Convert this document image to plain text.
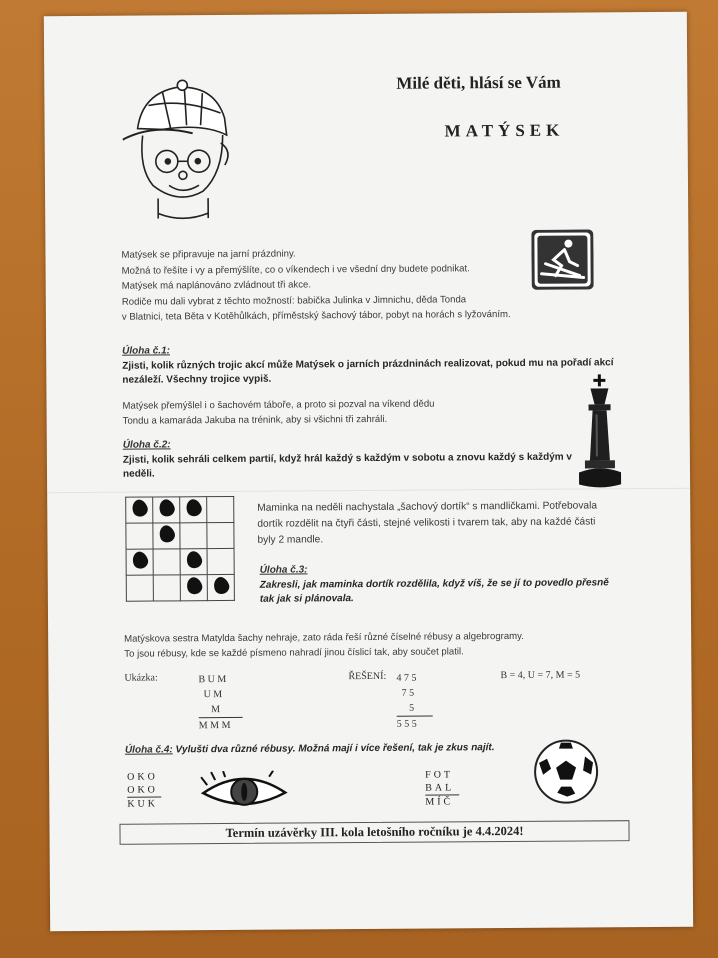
Milé děti, hlásí se Vám
MATÝSEK
Matýsek se připravuje na jarní prázdniny.
Možná to řešíte i vy a přemýšlíte, co o víkendech i ve všední dny budete podnikat.
Matýsek má naplánováno zvládnout tři akce.
Rodiče mu dali vybrat z těchto možností: babička Julinka v Jimnichu, děda Tonda
v Blatnici, teta Běta v Kotěhůlkách, příměstský šachový tábor, pobyt na horách s lyžováním.
Úloha č.1:
Zjisti, kolik různých trojic akcí může Matýsek o jarních prázdninách realizovat, pokud mu na pořadí akcí nezáleží. Všechny trojice vypiš.
Matýsek přemýšlel i o šachovém táboře, a proto si pozval na víkend dědu Tondu a kamaráda Jakuba na trénink, aby si všichni tři zahráli.
Úloha č.2:
Zjisti, kolik sehráli celkem partií, když hrál každý s každým v sobotu a znovu každý s každým v neděli.

Maminka na neděli nachystala „šachový dortík“ s mandličkami. Potřebovala dortík rozdělit na čtyři části, stejné velikosti i tvarem tak, aby na každé části byly 2 mandle.
Úloha č.3:
Zakresli, jak maminka dortík rozdělila, když víš, že se jí to povedlo přesně tak jak si plánovala.
Matýskova sestra Matylda šachy nehraje, zato ráda řeší různé číselné rébusy a algebrogramy.
To jsou rébusy, kde se každé písmeno nahradí jinou číslicí tak, aby součet platil.
Ukázka:	B U M
U M
M
M M M
ŘEŠENÍ: 4 7 5
7 5
5
5 5 5
B = 4, U = 7, M = 5
Úloha č.4: Vylušti dva různé rébusy. Možná mají i více řešení, tak je zkus najít.
OKO
OKO
KUK
FOT
BAL
MÍČ
Termín uzávěrky III. kola letošního ročníku je 4.4.2024!
